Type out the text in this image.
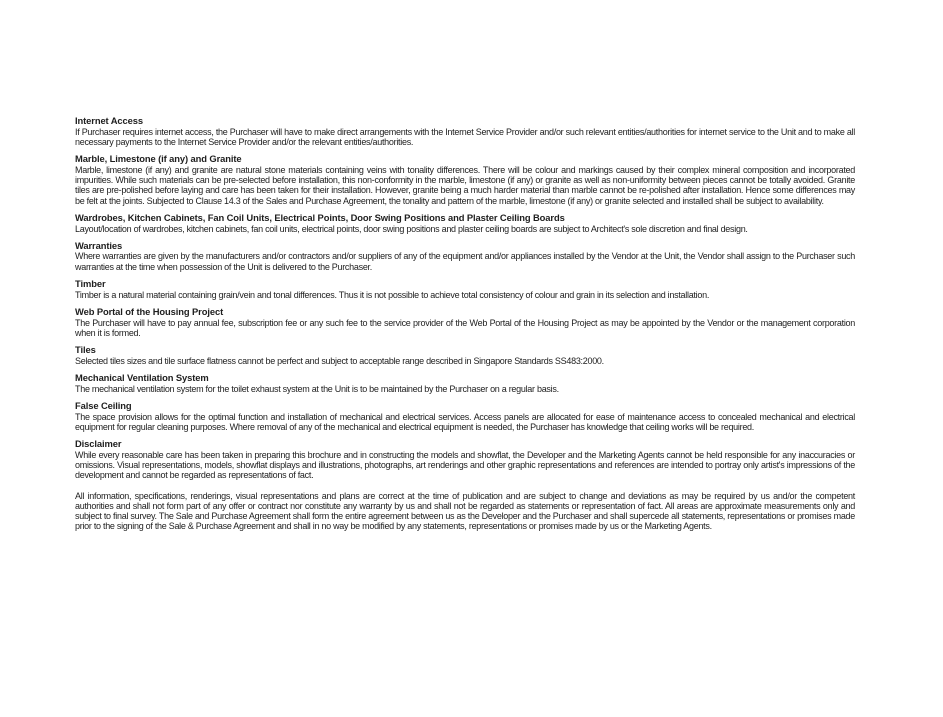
Internet Access

If Purchaser requires internet access, the Purchaser will have to make direct arrangements with the Internet Service Provider and/or such relevant entities/authorities for internet service to the Unit and to make all necessary payments to the Internet Service Provider and/or the relevant entities/authorities.

Marble, Limestone (if any) and Granite

Marble, limestone (if any) and granite are natural stone materials containing veins with tonality differences. There will be colour and markings caused by their complex mineral composition and incorporated impurities. While such materials can be pre-selected before installation, this non-conformity in the marble, limestone (if any) or granite as well as non-uniformity between pieces cannot be totally avoided. Granite tiles are pre-polished before laying and care has been taken for their installation. However, granite being a much harder material than marble cannot be re-polished after installation. Hence some differences may be felt at the joints. Subjected to Clause 14.3 of the Sales and Purchase Agreement, the tonality and pattern of the marble, limestone (if any) or granite selected and installed shall be subject to availability.

Wardrobes, Kitchen Cabinets, Fan Coil Units, Electrical Points, Door Swing Positions and Plaster Ceiling Boards

Layout/location of wardrobes, kitchen cabinets, fan coil units, electrical points, door swing positions and plaster ceiling boards are subject to Architect's sole discretion and final design.

Warranties

Where warranties are given by the manufacturers and/or contractors and/or suppliers of any of the equipment and/or appliances installed by the Vendor at the Unit, the Vendor shall assign to the Purchaser such warranties at the time when possession of the Unit is delivered to the Purchaser.

Timber

Timber is a natural material containing grain/vein and tonal differences. Thus it is not possible to achieve total consistency of colour and grain in its selection and installation.

Web Portal of the Housing Project

The Purchaser will have to pay annual fee, subscription fee or any such fee to the service provider of the Web Portal of the Housing Project as may be appointed by the Vendor or the management corporation when it is formed.

Tiles

Selected tiles sizes and tile surface flatness cannot be perfect and subject to acceptable range described in Singapore Standards SS483:2000.

Mechanical Ventilation System

The mechanical ventilation system for the toilet exhaust system at the Unit is to be maintained by the Purchaser on a regular basis.

False Ceiling

The space provision allows for the optimal function and installation of mechanical and electrical services. Access panels are allocated for ease of maintenance access to concealed mechanical and electrical equipment for regular cleaning purposes. Where removal of any of the mechanical and electrical equipment is needed, the Purchaser has knowledge that ceiling works will be required.

Disclaimer

While every reasonable care has been taken in preparing this brochure and in constructing the models and showflat, the Developer and the Marketing Agents cannot be held responsible for any inaccuracies or omissions. Visual representations, models, showflat displays and illustrations, photographs, art renderings and other graphic representations and references are intended to portray only artist's impressions of the development and cannot be regarded as representations of fact.

All information, specifications, renderings, visual representations and plans are correct at the time of publication and are subject to change and deviations as may be required by us and/or the competent authorities and shall not form part of any offer or contract nor constitute any warranty by us and shall not be regarded as statements or representation of fact. All areas are approximate measurements only and subject to final survey. The Sale and Purchase Agreement shall form the entire agreement between us as the Developer and the Purchaser and shall supercede all statements, representations or promises made prior to the signing of the Sale & Purchase Agreement and shall in no way be modified by any statements, representations or promises made by us or the Marketing Agents.
